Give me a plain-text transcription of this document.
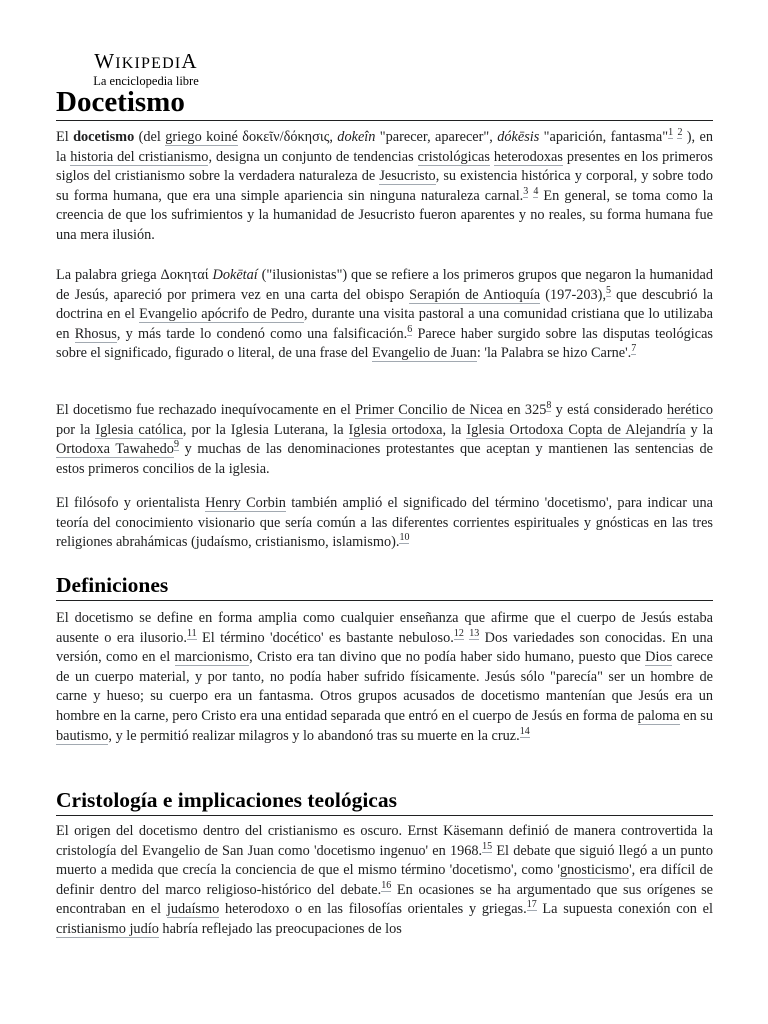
WIKIPEDIA
La enciclopedia libre
Docetismo

El docetismo (del griego koiné δοκεῖν/δόκησις, dokeîn "parecer, aparecer", dókēsis "aparición, fantasma"$^1$ $^2$ ), en la historia del cristianismo, designa un conjunto de tendencias cristológicas heterodoxas presentes en los primeros siglos del cristianismo sobre la verdadera naturaleza de Jesucristo, su existencia histórica y corporal, y sobre todo su forma humana, que era una simple apariencia sin ninguna naturaleza carnal.$^3$ $^4$ En general, se toma como la creencia de que los sufrimientos y la humanidad de Jesucristo fueron aparentes y no reales, su forma humana fue una mera ilusión.

La palabra griega Δοκηταί Dokētaí ("ilusionistas") que se refiere a los primeros grupos que negaron la humanidad de Jesús, apareció por primera vez en una carta del obispo Serapión de Antioquía (197-203),$^5$ que descubrió la doctrina en el Evangelio apócrifo de Pedro, durante una visita pastoral a una comunidad cristiana que lo utilizaba en Rhosus, y más tarde lo condenó como una falsificación.$^6$ Parece haber surgido sobre las disputas teológicas sobre el significado, figurado o literal, de una frase del Evangelio de Juan: 'la Palabra se hizo Carne'.$^7$

El docetismo fue rechazado inequívocamente en el Primer Concilio de Nicea en $325^8$ y está considerado herético por la Iglesia católica, por la Iglesia Luterana, la Iglesia ortodoxa, la Iglesia Ortodoxa Copta de Alejandría y la Ortodoxa Tawahedo$^9$ y muchas de las denominaciones protestantes que aceptan y mantienen las sentencias de estos primeros concilios de la iglesia.

El filósofo y orientalista Henry Corbin también amplió el significado del término 'docetismo', para indicar una teoría del conocimiento visionario que sería común a las diferentes corrientes espirituales y gnósticas en las tres religiones abrahámicas (judaísmo, cristianismo, islamismo).$^{10}$

Definiciones

El docetismo se define en forma amplia como cualquier enseñanza que afirme que el cuerpo de Jesús estaba ausente o era ilusorio.$^{11}$ El término 'docético' es bastante nebuloso.$^{12}$ $^{13}$ Dos variedades son conocidas. En una versión, como en el marcionismo, Cristo era tan divino que no podía haber sido humano, puesto que Dios carece de un cuerpo material, y por tanto, no podía haber sufrido físicamente. Jesús sólo "parecía" ser un hombre de carne y hueso; su cuerpo era un fantasma. Otros grupos acusados de docetismo mantenían que Jesús era un hombre en la carne, pero Cristo era una entidad separada que entró en el cuerpo de Jesús en forma de paloma en su bautismo, y le permitió realizar milagros y lo abandonó tras su muerte en la cruz.$^{14}$

Cristología e implicaciones teológicas

El origen del docetismo dentro del cristianismo es oscuro. Ernst Käsemann definió de manera controvertida la cristología del Evangelio de San Juan como 'docetismo ingenuo' en 1968.15 El debate que siguió llegó a un punto muerto a medida que crecía la conciencia de que el mismo término 'docetismo', como 'gnosticismo', era difícil de definir dentro del marco religioso-histórico del debate.$^{16}$ En ocasiones se ha argumentado que sus orígenes se encontraban en el judaísmo heterodoxo o en las filosofías orientales y griegas.$^{17}$ La supuesta conexión con el cristianismo judío habría reflejado las preocupaciones de los
